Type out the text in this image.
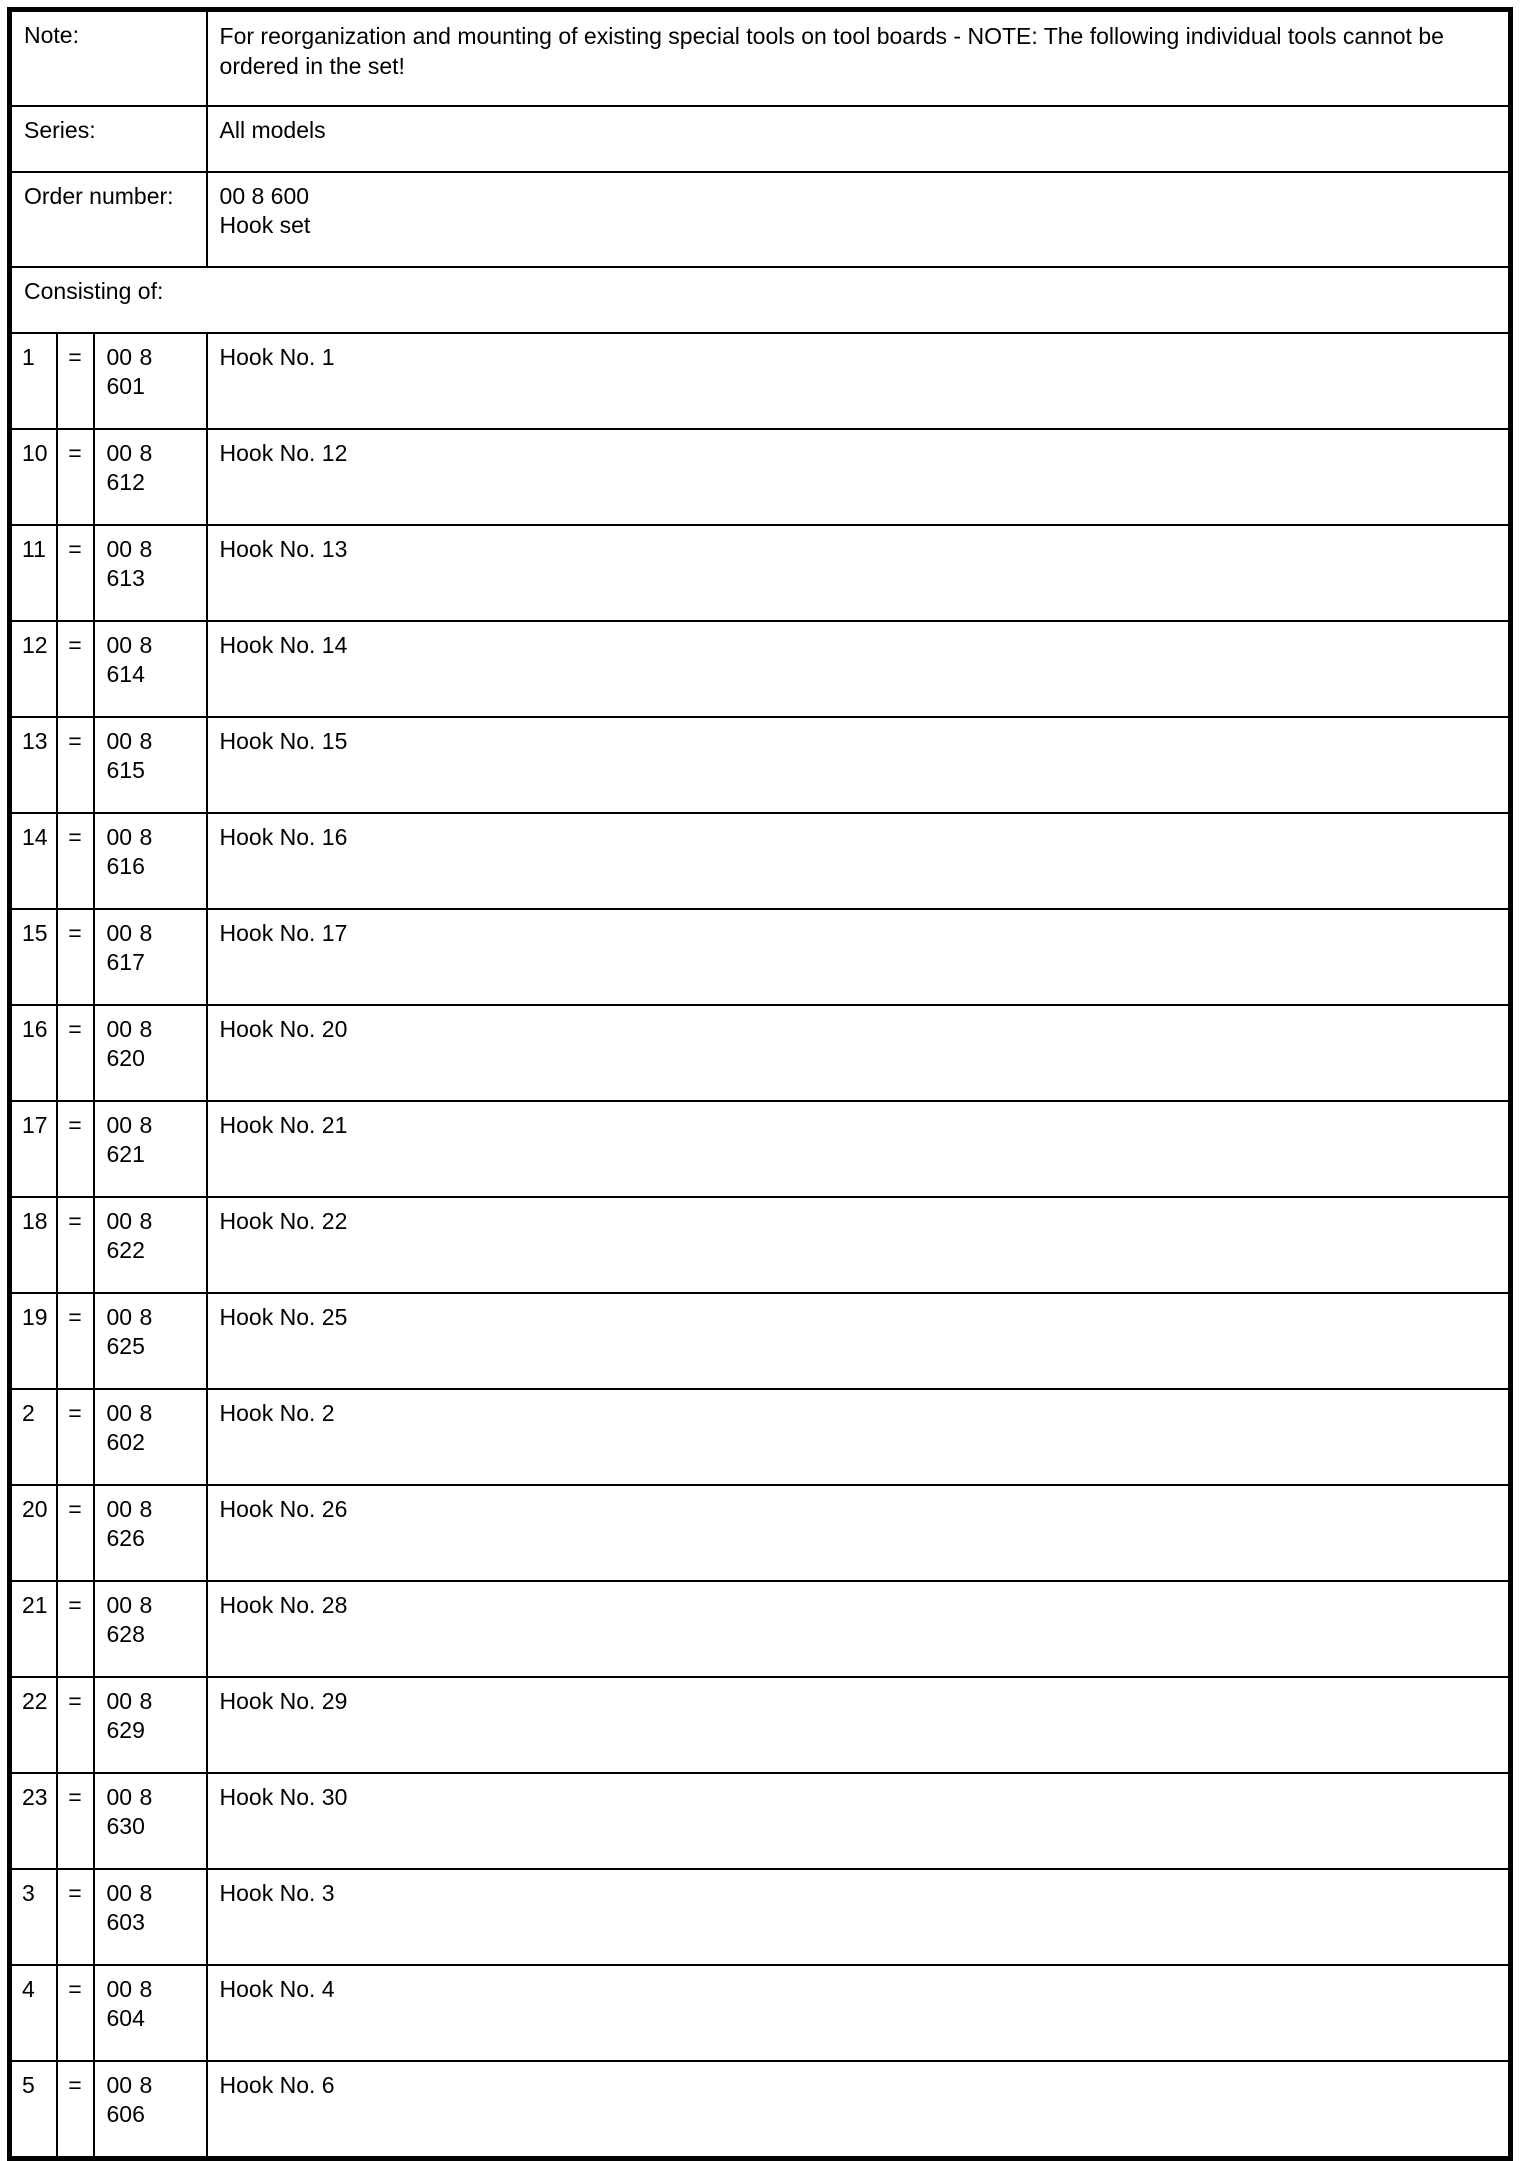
Note:			For reorganization and mounting of existing special tools on tool boards - NOTE: The following individual tools cannot be ordered in the set!

Series:			All models
Order number:			00 8 600
Hook set

Consisting of:			
1	=	00 8 601	Hook No. 1
10	=	00 8 612	Hook No. 12
11	=	00 8 613	Hook No. 13
12	=	00 8 614	Hook No. 14
13	=	00 8 615	Hook No. 15
14	=	00 8 616	Hook No. 16
15	=	00 8 617	Hook No. 17
16	=	00 8 620	Hook No. 20
17	=	00 8 621	Hook No. 21
18	=	00 8 622	Hook No. 22
19	=	00 8 625	Hook No. 25
2	=	00 8 602	Hook No. 2
20	=	00 8 626	Hook No. 26
21	=	00 8 628	Hook No. 28
22	=	00 8 629	Hook No. 29
23	=	00 8 630	Hook No. 30
3	=	00 8 603	Hook No. 3
4	=	00 8 604	Hook No. 4
5	=	00 8 606	Hook No. 6
